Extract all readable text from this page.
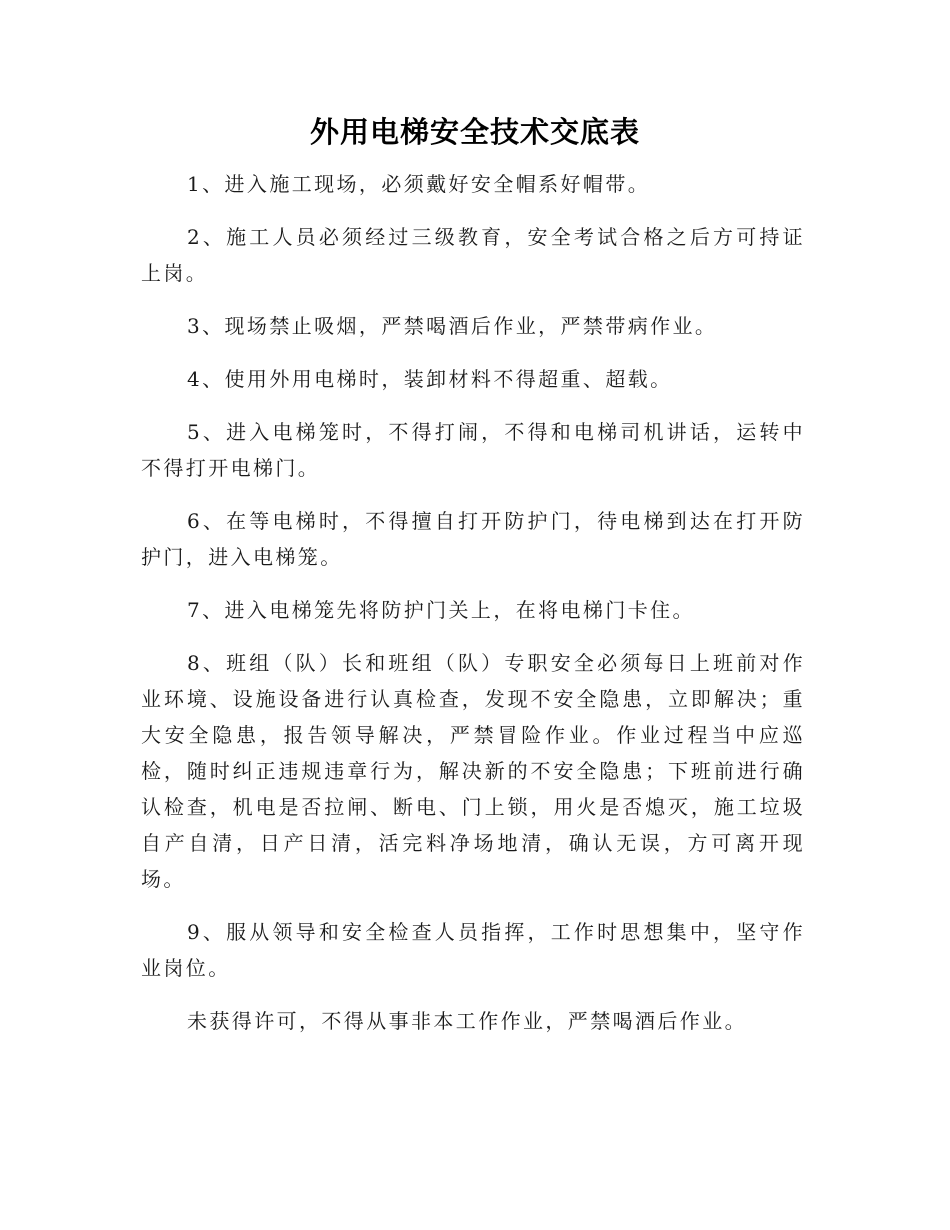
外用电梯安全技术交底表

1、进入施工现场，必须戴好安全帽系好帽带。

2、施工人员必须经过三级教育，安全考试合格之后方可持证上岗。

3、现场禁止吸烟，严禁喝酒后作业，严禁带病作业。

4、使用外用电梯时，装卸材料不得超重、超载。

5、进入电梯笼时，不得打闹，不得和电梯司机讲话，运转中不得打开电梯门。

6、在等电梯时，不得擅自打开防护门，待电梯到达在打开防护门，进入电梯笼。

7、进入电梯笼先将防护门关上，在将电梯门卡住。

8、班组（队）长和班组（队）专职安全必须每日上班前对作业环境、设施设备进行认真检查，发现不安全隐患，立即解决；重大安全隐患，报告领导解决，严禁冒险作业。作业过程当中应巡检，随时纠正违规违章行为，解决新的不安全隐患；下班前进行确认检查，机电是否拉闸、断电、门上锁，用火是否熄灭，施工垃圾自产自清，日产日清，活完料净场地清，确认无误，方可离开现场。

9、服从领导和安全检查人员指挥，工作时思想集中，坚守作业岗位。

未获得许可，不得从事非本工作作业，严禁喝酒后作业。
